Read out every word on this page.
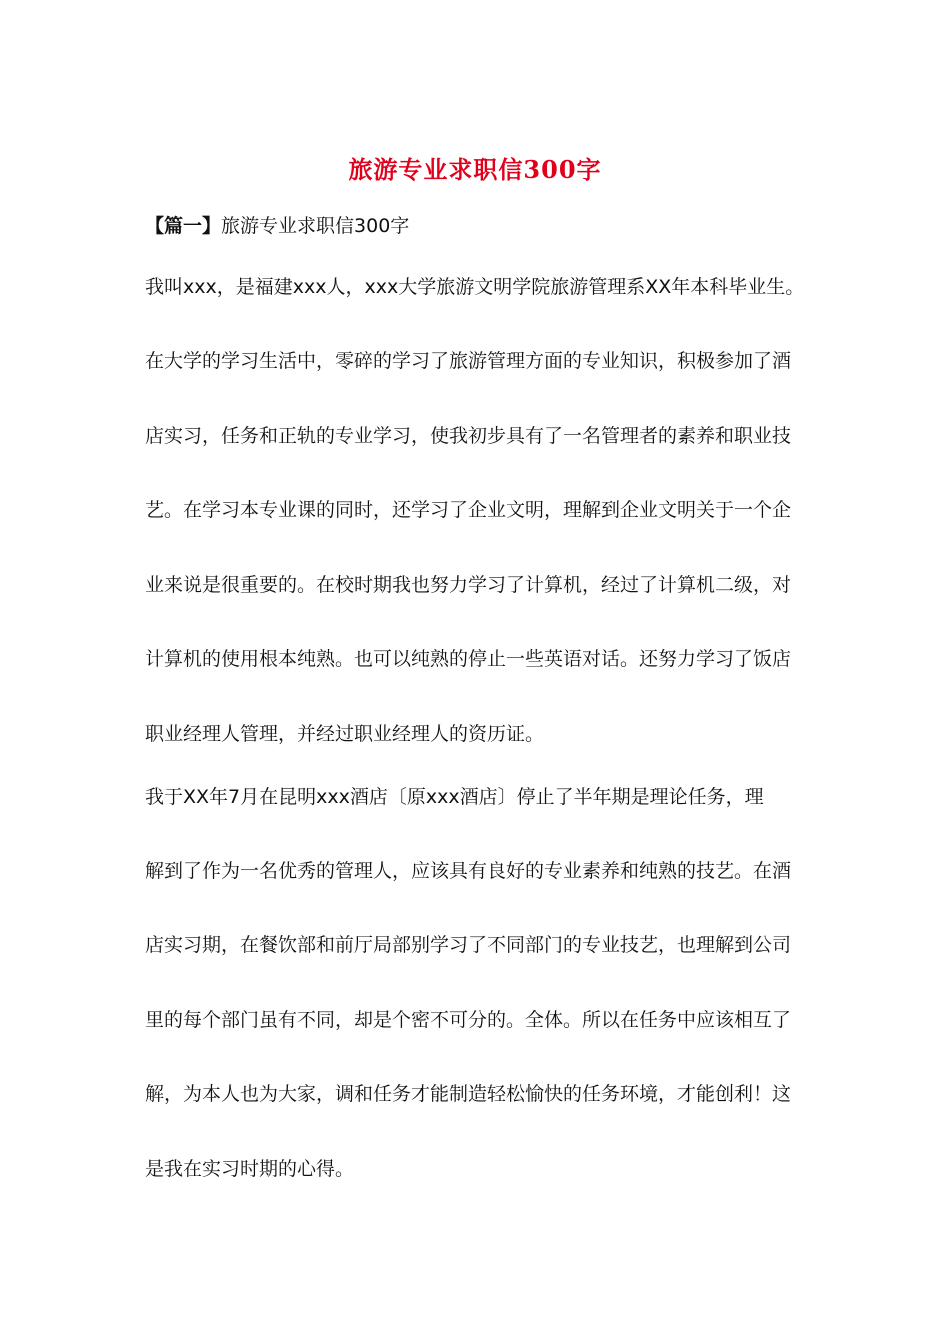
旅游专业求职信300字
【篇一】旅游专业求职信300字
我叫xxx，是福建xxx人，xxx大学旅游文明学院旅游管理系XX年本科毕业生。
在大学的学习生活中，零碎的学习了旅游管理方面的专业知识，积极参加了酒
店实习，任务和正轨的专业学习，使我初步具有了一名管理者的素养和职业技
艺。在学习本专业课的同时，还学习了企业文明，理解到企业文明关于一个企
业来说是很重要的。在校时期我也努力学习了计算机，经过了计算机二级，对
计算机的使用根本纯熟。也可以纯熟的停止一些英语对话。还努力学习了饭店
职业经理人管理，并经过职业经理人的资历证。
我于XX年7月在昆明xxx酒店〔原xxx酒店〕停止了半年期是理论任务，理
解到了作为一名优秀的管理人，应该具有良好的专业素养和纯熟的技艺。在酒
店实习期，在餐饮部和前厅局部别学习了不同部门的专业技艺，也理解到公司
里的每个部门虽有不同，却是个密不可分的。全体。所以在任务中应该相互了
解，为本人也为大家，调和任务才能制造轻松愉快的任务环境，才能创利！这
是我在实习时期的心得。
